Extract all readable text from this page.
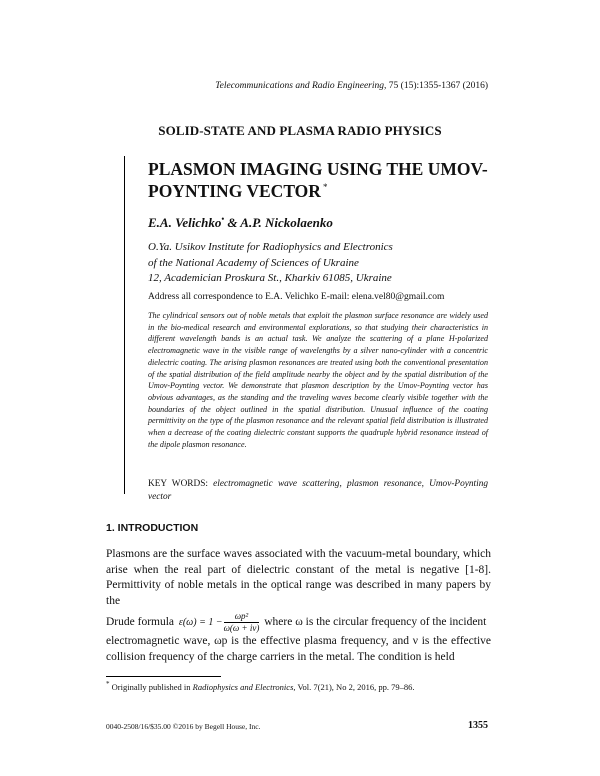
Telecommunications and Radio Engineering, 75 (15):1355-1367 (2016)
SOLID-STATE AND PLASMA RADIO PHYSICS
PLASMON IMAGING USING THE UMOV-POYNTING VECTOR *
E.A. Velichko• & A.P. Nickolaenko
O.Ya. Usikov Institute for Radiophysics and Electronics
of the National Academy of Sciences of Ukraine
12, Academician Proskura St., Kharkiv 61085, Ukraine
Address all correspondence to E.A. Velichko E-mail: elena.vel80@gmail.com
The cylindrical sensors out of noble metals that exploit the plasmon surface resonance are widely used in the bio-medical research and environmental explorations, so that studying their characteristics in different wavelength bands is an actual task. We analyze the scattering of a plane H-polarized electromagnetic wave in the visible range of wavelengths by a silver nano-cylinder with a concentric dielectric coating. The arising plasmon resonances are treated using both the conventional presentation of the spatial distribution of the field amplitude nearby the object and by the spatial distribution of the Umov-Poynting vector. We demonstrate that plasmon description by the Umov-Poynting vector has obvious advantages, as the standing and the traveling waves become clearly visible together with the boundaries of the object outlined in the spatial distribution. Unusual influence of the coating permittivity on the type of the plasmon resonance and the relevant spatial field distribution is illustrated when a decrease of the coating dielectric constant supports the quadruple hybrid resonance instead of the dipole plasmon resonance.
KEY WORDS: electromagnetic wave scattering, plasmon resonance, Umov-Poynting vector
1. INTRODUCTION

Plasmons are the surface waves associated with the vacuum-metal boundary, which arise when the real part of dielectric constant of the metal is negative [1-8]. Permittivity of noble metals in the optical range was described in many papers by the

Drude formula $\varepsilon(\omega) = 1 - \frac{\text{ωp²}}{\omega(\omega + i\nu)}$ where ω is the circular frequency of the incident

electromagnetic wave, ωp is the effective plasma frequency, and ν is the effective collision frequency of the charge carriers in the metal. The condition is held

* Originally published in Radiophysics and Electronics, Vol. 7(21), No 2, 2016, pp. 79–86.
0040-2508/16/$35.00 ©2016 by Begell House, Inc.	1355
